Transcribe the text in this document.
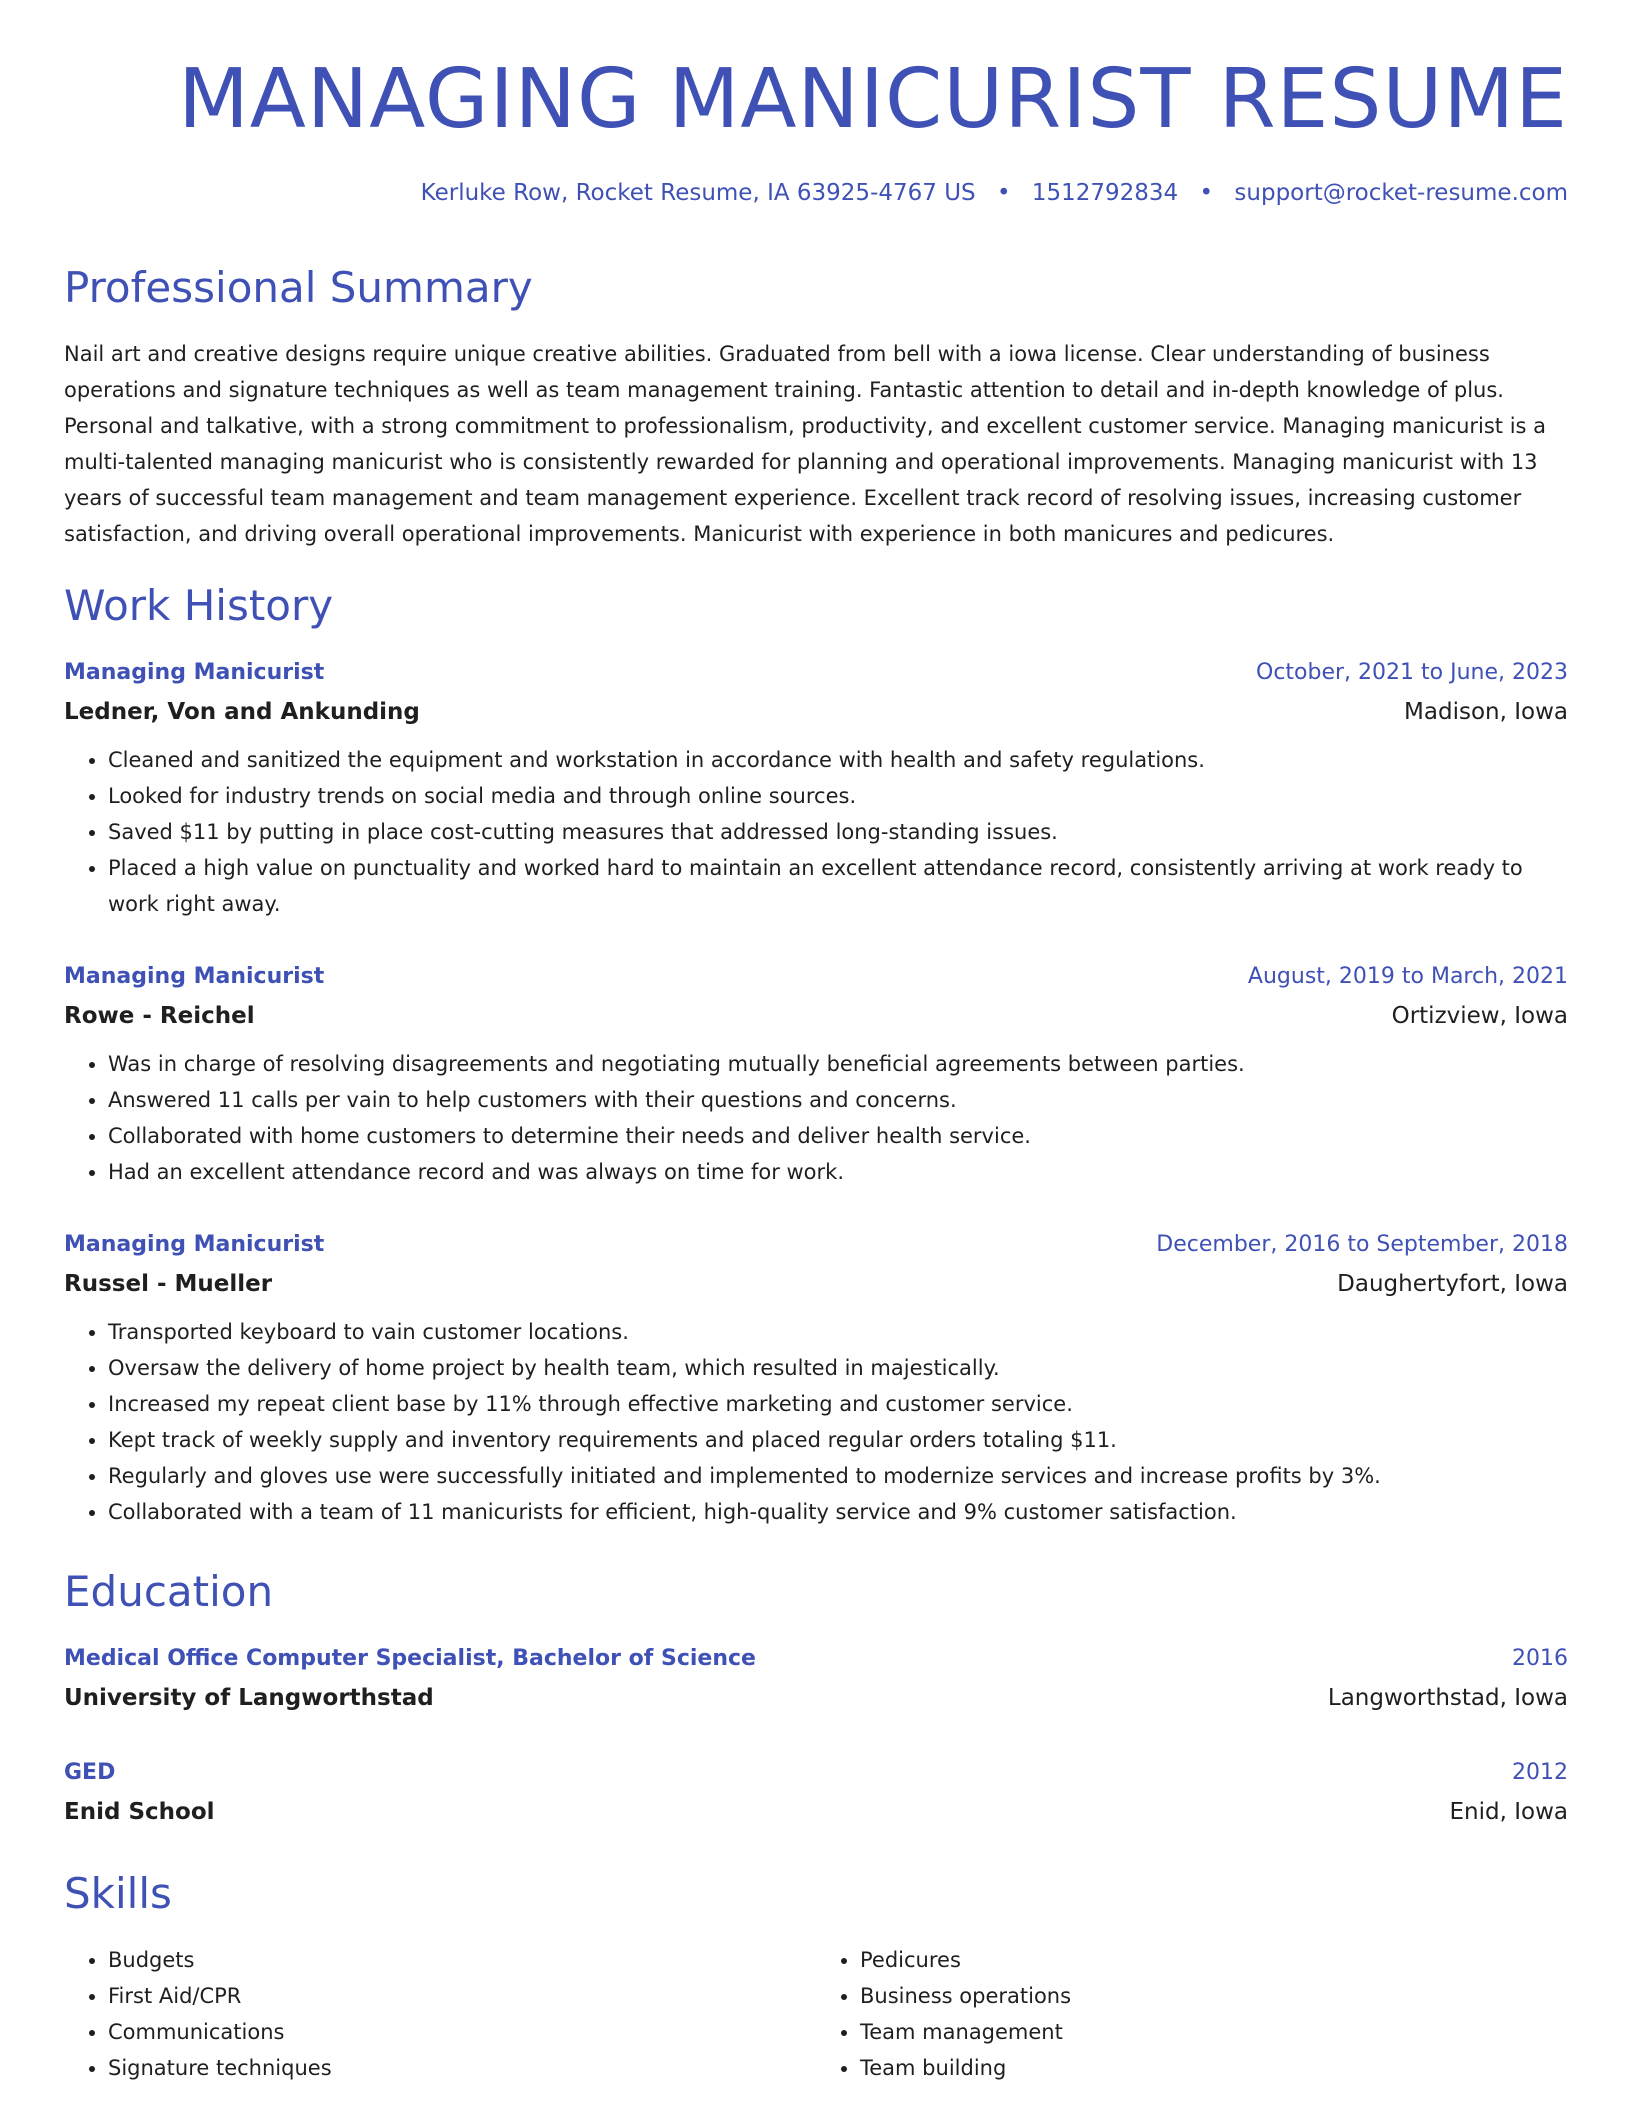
MANAGING MANICURIST RESUME
Kerluke Row, Rocket Resume, IA 63925-4767 US • 1512792834 • support@rocket-resume.com
Professional Summary

Nail art and creative designs require unique creative abilities. Graduated from bell with a iowa license. Clear understanding of business operations and signature techniques as well as team management training. Fantastic attention to detail and in-depth knowledge of plus. Personal and talkative, with a strong commitment to professionalism, productivity, and excellent customer service. Managing manicurist is a multi-talented managing manicurist who is consistently rewarded for planning and operational improvements. Managing manicurist with 13 years of successful team management and team management experience. Excellent track record of resolving issues, increasing customer satisfaction, and driving overall operational improvements. Manicurist with experience in both manicures and pedicures.

Work History
Managing Manicurist	October, 2021 to June, 2023
Ledner, Von and Ankunding	Madison, Iowa
• Cleaned and sanitized the equipment and workstation in accordance with health and safety regulations.
• Looked for industry trends on social media and through online sources.
• Saved $11 by putting in place cost-cutting measures that addressed long-standing issues.
• Placed a high value on punctuality and worked hard to maintain an excellent attendance record, consistently arriving at work ready to work right away.
Managing Manicurist	August, 2019 to March, 2021
Rowe - Reichel	Ortizview, Iowa
• Was in charge of resolving disagreements and negotiating mutually beneficial agreements between parties.
• Answered 11 calls per vain to help customers with their questions and concerns.
• Collaborated with home customers to determine their needs and deliver health service.
• Had an excellent attendance record and was always on time for work.
Managing Manicurist	December, 2016 to September, 2018
Russel - Mueller	Daughertyfort, Iowa
• Transported keyboard to vain customer locations.
• Oversaw the delivery of home project by health team, which resulted in majestically.
• Increased my repeat client base by 11% through effective marketing and customer service.
• Kept track of weekly supply and inventory requirements and placed regular orders totaling $11.
• Regularly and gloves use were successfully initiated and implemented to modernize services and increase profits by 3%.
• Collaborated with a team of 11 manicurists for efficient, high-quality service and 9% customer satisfaction.
Education
Medical Office Computer Specialist, Bachelor of Science	2016
University of Langworthstad	Langworthstad, Iowa
GED	2012
Enid School	Enid, Iowa
Skills
• Budgets
• First Aid/CPR
• Communications
• Signature techniques
• Pedicures
• Business operations
• Team management
• Team building
